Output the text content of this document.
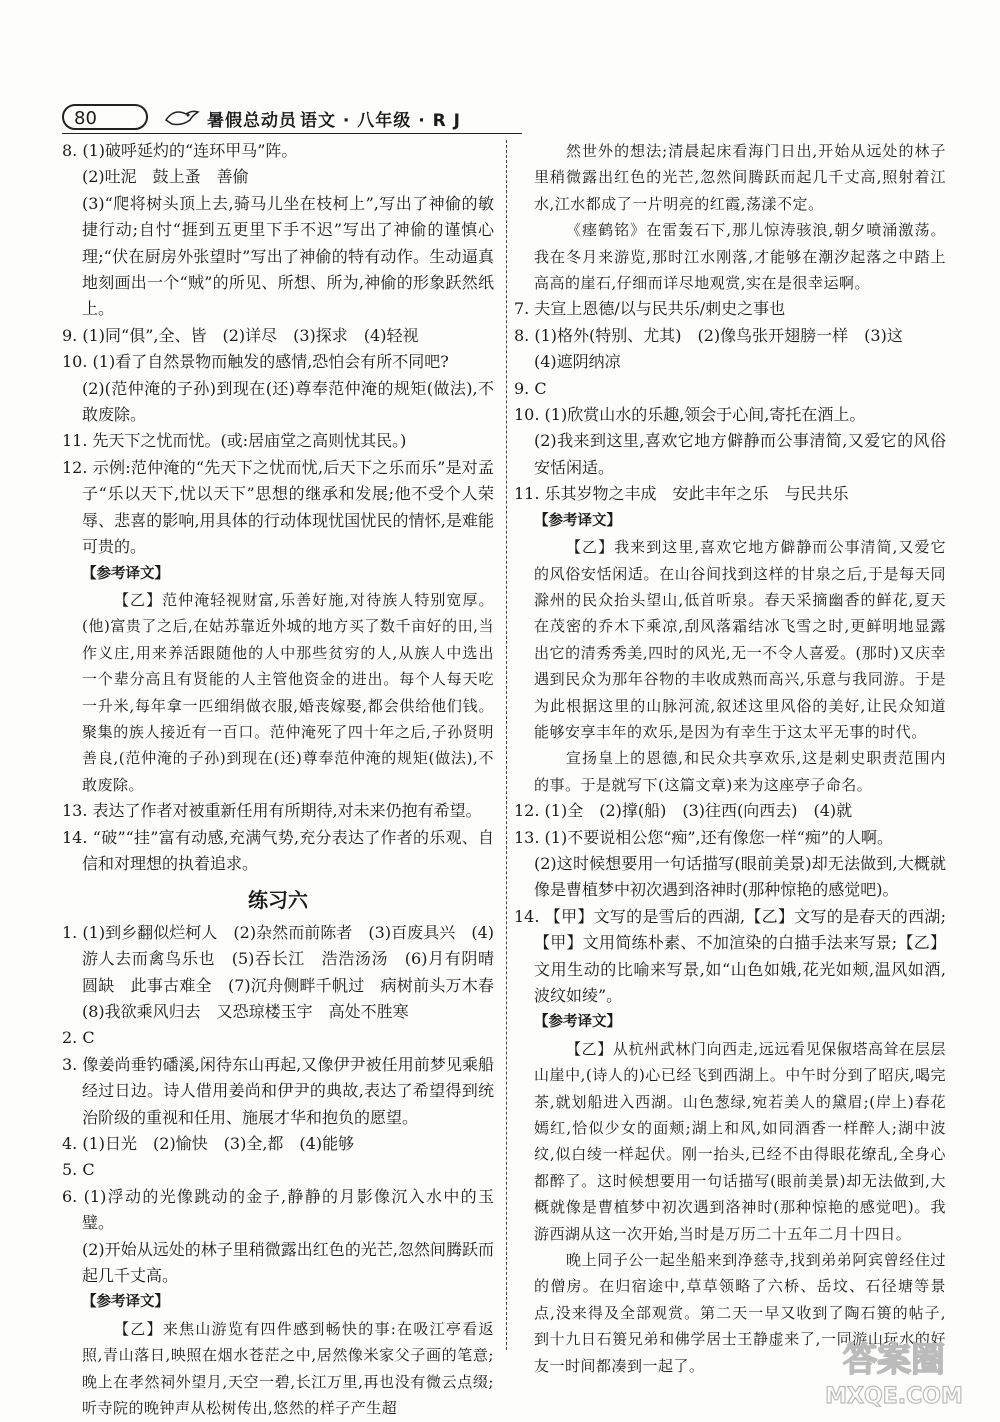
80	暑假总动员 语文 · 八年级 · R J
8. (1)破呼延灼的“连环甲马”阵。
(2)吐泥　鼓上蚤　善偷
(3)“爬将树头顶上去,骑马儿坐在枝柯上”,写出了神偷的敏捷行动;自忖“捱到五更里下手不迟”写出了神偷的谨慎心理;“伏在厨房外张望时”写出了神偷的特有动作。生动逼真地刻画出一个“贼”的所见、所想、所为,神偷的形象跃然纸上。
9. (1)同“俱”,全、皆　(2)详尽　(3)探求　(4)轻视
10. (1)看了自然景物而触发的感情,恐怕会有所不同吧?
(2)(范仲淹的子孙)到现在(还)尊奉范仲淹的规矩(做法),不敢废除。
11. 先天下之忧而忧。(或:居庙堂之高则忧其民。)
12. 示例:范仲淹的“先天下之忧而忧,后天下之乐而乐”是对孟子“乐以天下,忧以天下”思想的继承和发展;他不受个人荣辱、悲喜的影响,用具体的行动体现忧国忧民的情怀,是难能可贵的。
【参考译文】
【乙】范仲淹轻视财富,乐善好施,对待族人特别宽厚。(他)富贵了之后,在姑苏靠近外城的地方买了数千亩好的田,当作义庄,用来养活跟随他的人中那些贫穷的人,从族人中选出一个辈分高且有贤能的人主管他资金的进出。每个人每天吃一升米,每年拿一匹细绢做衣服,婚丧嫁娶,都会供给他们钱。聚集的族人接近有一百口。范仲淹死了四十年之后,子孙贤明善良,(范仲淹的子孙)到现在(还)尊奉范仲淹的规矩(做法),不敢废除。
13. 表达了作者对被重新任用有所期待,对未来仍抱有希望。
14. “破”“挂”富有动感,充满气势,充分表达了作者的乐观、自信和对理想的执着追求。
练习六
1. (1)到乡翻似烂柯人　(2)杂然而前陈者　(3)百废具兴　(4)游人去而禽鸟乐也　(5)吞长江　浩浩汤汤　(6)月有阴晴圆缺　此事古难全　(7)沉舟侧畔千帆过　病树前头万木春　(8)我欲乘风归去　又恐琼楼玉宇　高处不胜寒
2. C
3. 像姜尚垂钓磻溪,闲待东山再起,又像伊尹被任用前梦见乘船经过日边。诗人借用姜尚和伊尹的典故,表达了希望得到统治阶级的重视和任用、施展才华和抱负的愿望。
4. (1)日光　(2)愉快　(3)全,都　(4)能够
5. C
6. (1)浮动的光像跳动的金子,静静的月影像沉入水中的玉璧。
(2)开始从远处的林子里稍微露出红色的光芒,忽然间腾跃而起几千丈高。
【参考译文】
【乙】来焦山游览有四件感到畅快的事:在吸江亭看返照,青山落日,映照在烟水苍茫之中,居然像米家父子画的笔意;晚上在孝然祠外望月,天空一碧,长江万里,再也没有微云点缀;听寺院的晚钟声从松树传出,悠然的样子产生超
然世外的想法;清晨起床看海门日出,开始从远处的林子里稍微露出红色的光芒,忽然间腾跃而起几千丈高,照射着江水,江水都成了一片明亮的红霞,荡漾不定。
《瘗鹤铭》在雷轰石下,那儿惊涛骇浪,朝夕喷涌激荡。我在冬月来游览,那时江水刚落,才能够在潮汐起落之中踏上高高的崖石,仔细而详尽地观赏,实在是很幸运啊。
7. 夫宣上恩德/以与民共乐/刺史之事也
8. (1)格外(特别、尤其)　(2)像鸟张开翅膀一样　(3)这
(4)遮阴纳凉
9. C
10. (1)欣赏山水的乐趣,领会于心间,寄托在酒上。
(2)我来到这里,喜欢它地方僻静而公事清简,又爱它的风俗安恬闲适。
11. 乐其岁物之丰成　安此丰年之乐　与民共乐
【参考译文】
【乙】我来到这里,喜欢它地方僻静而公事清简,又爱它的风俗安恬闲适。在山谷间找到这样的甘泉之后,于是每天同滁州的民众抬头望山,低首听泉。春天采摘幽香的鲜花,夏天在茂密的乔木下乘凉,刮风落霜结冰飞雪之时,更鲜明地显露出它的清秀秀美,四时的风光,无一不令人喜爱。(那时)又庆幸遇到民众为那年谷物的丰收成熟而高兴,乐意与我同游。于是为此根据这里的山脉河流,叙述这里风俗的美好,让民众知道能够安享丰年的欢乐,是因为有幸生于这太平无事的时代。
宣扬皇上的恩德,和民众共享欢乐,这是刺史职责范围内的事。于是就写下(这篇文章)来为这座亭子命名。
12. (1)全　(2)撑(船)　(3)往西(向西去)　(4)就
13. (1)不要说相公您“痴”,还有像您一样“痴”的人啊。
(2)这时候想要用一句话描写(眼前美景)却无法做到,大概就像是曹植梦中初次遇到洛神时(那种惊艳的感觉吧)。
14. 【甲】文写的是雪后的西湖,【乙】文写的是春天的西湖;【甲】文用简练朴素、不加渲染的白描手法来写景;【乙】文用生动的比喻来写景,如“山色如娥,花光如颊,温风如酒,波纹如绫”。
【参考译文】
【乙】从杭州武林门向西走,远远看见保俶塔高耸在层层山崖中,(诗人的)心已经飞到西湖上。中午时分到了昭庆,喝完茶,就划船进入西湖。山色葱绿,宛若美人的黛眉;(岸上)春花嫣红,恰似少女的面颊;湖上和风,如同酒香一样醉人;湖中波纹,似白绫一样起伏。刚一抬头,已经不由得眼花缭乱,全身心都醉了。这时候想要用一句话描写(眼前美景)却无法做到,大概就像是曹植梦中初次遇到洛神时(那种惊艳的感觉吧)。我游西湖从这一次开始,当时是万历二十五年二月十四日。
晚上同子公一起坐船来到净慈寺,找到弟弟阿宾曾经住过的僧房。在归宿途中,草草领略了六桥、岳坟、石径塘等景点,没来得及全部观赏。第二天一早又收到了陶石篑的帖子,到十九日石篑兄弟和佛学居士王静虚来了,一同游山玩水的好友一时间都凑到一起了。	答案圈
MXQE.COM
